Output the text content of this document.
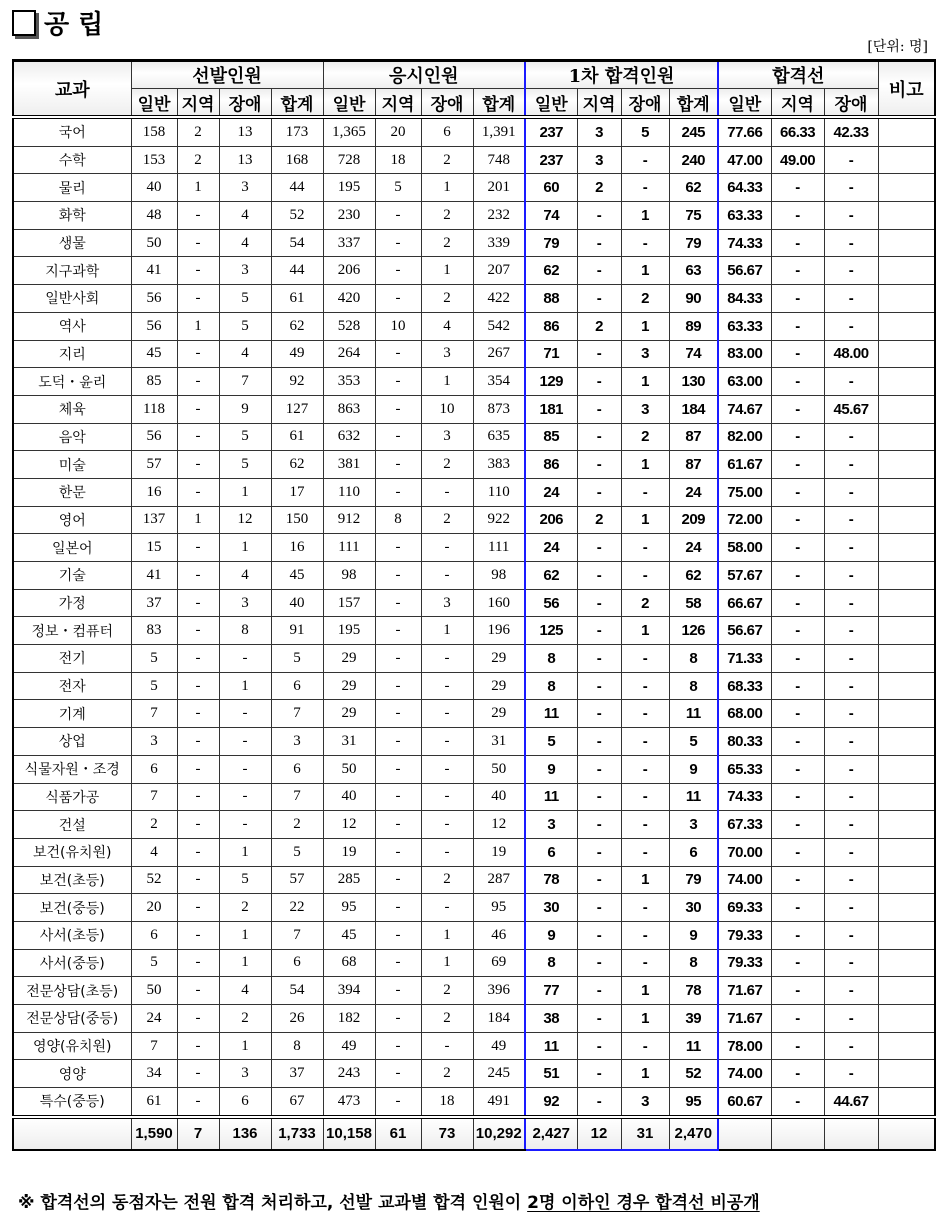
공 립
[단위: 명]
교과	선발인원				응시인원				1차 합격인원				합격선			비고
	일반	지역	장애	합계	일반	지역	장애	합계	일반	지역	장애	합계	일반	지역	장애	
국어	158	2	13	173	1,365	20	6	1,391	237	3	5	245	77.66	66.33	42.33	
수학	153	2	13	168	728	18	2	748	237	3	-	240	47.00	49.00	-	
물리	40	1	3	44	195	5	1	201	60	2	-	62	64.33	-	-	
화학	48	-	4	52	230	-	2	232	74	-	1	75	63.33	-	-	
생물	50	-	4	54	337	-	2	339	79	-	-	79	74.33	-	-	
지구과학	41	-	3	44	206	-	1	207	62	-	1	63	56.67	-	-	
일반사회	56	-	5	61	420	-	2	422	88	-	2	90	84.33	-	-	
역사	56	1	5	62	528	10	4	542	86	2	1	89	63.33	-	-	
지리	45	-	4	49	264	-	3	267	71	-	3	74	83.00	-	48.00	
도덕・윤리	85	-	7	92	353	-	1	354	129	-	1	130	63.00	-	-	
체육	118	-	9	127	863	-	10	873	181	-	3	184	74.67	-	45.67	
음악	56	-	5	61	632	-	3	635	85	-	2	87	82.00	-	-	
미술	57	-	5	62	381	-	2	383	86	-	1	87	61.67	-	-	
한문	16	-	1	17	110	-	-	110	24	-	-	24	75.00	-	-	
영어	137	1	12	150	912	8	2	922	206	2	1	209	72.00	-	-	
일본어	15	-	1	16	111	-	-	111	24	-	-	24	58.00	-	-	
기술	41	-	4	45	98	-	-	98	62	-	-	62	57.67	-	-	
가정	37	-	3	40	157	-	3	160	56	-	2	58	66.67	-	-	
정보・컴퓨터	83	-	8	91	195	-	1	196	125	-	1	126	56.67	-	-	
전기	5	-	-	5	29	-	-	29	8	-	-	8	71.33	-	-	
전자	5	-	1	6	29	-	-	29	8	-	-	8	68.33	-	-	
기계	7	-	-	7	29	-	-	29	11	-	-	11	68.00	-	-	
상업	3	-	-	3	31	-	-	31	5	-	-	5	80.33	-	-	
식물자원・조경	6	-	-	6	50	-	-	50	9	-	-	9	65.33	-	-	
식품가공	7	-	-	7	40	-	-	40	11	-	-	11	74.33	-	-	
건설	2	-	-	2	12	-	-	12	3	-	-	3	67.33	-	-	
보건(유치원)	4	-	1	5	19	-	-	19	6	-	-	6	70.00	-	-	
보건(초등)	52	-	5	57	285	-	2	287	78	-	1	79	74.00	-	-	
보건(중등)	20	-	2	22	95	-	-	95	30	-	-	30	69.33	-	-	
사서(초등)	6	-	1	7	45	-	1	46	9	-	-	9	79.33	-	-	
사서(중등)	5	-	1	6	68	-	1	69	8	-	-	8	79.33	-	-	
전문상담(초등)	50	-	4	54	394	-	2	396	77	-	1	78	71.67	-	-	
전문상담(중등)	24	-	2	26	182	-	2	184	38	-	1	39	71.67	-	-	
영양(유치원)	7	-	1	8	49	-	-	49	11	-	-	11	78.00	-	-	
영양	34	-	3	37	243	-	2	245	51	-	1	52	74.00	-	-	
특수(중등)	61	-	6	67	473	-	18	491	92	-	3	95	60.67	-	44.67	
	1,590	7	136	1,733	10,158	61	73	10,292	2,427	12	31	2,470				
※ 합격선의 동점자는 전원 합격 처리하고, 선발 교과별 합격 인원이 2명 이하인 경우 합격선 비공개
